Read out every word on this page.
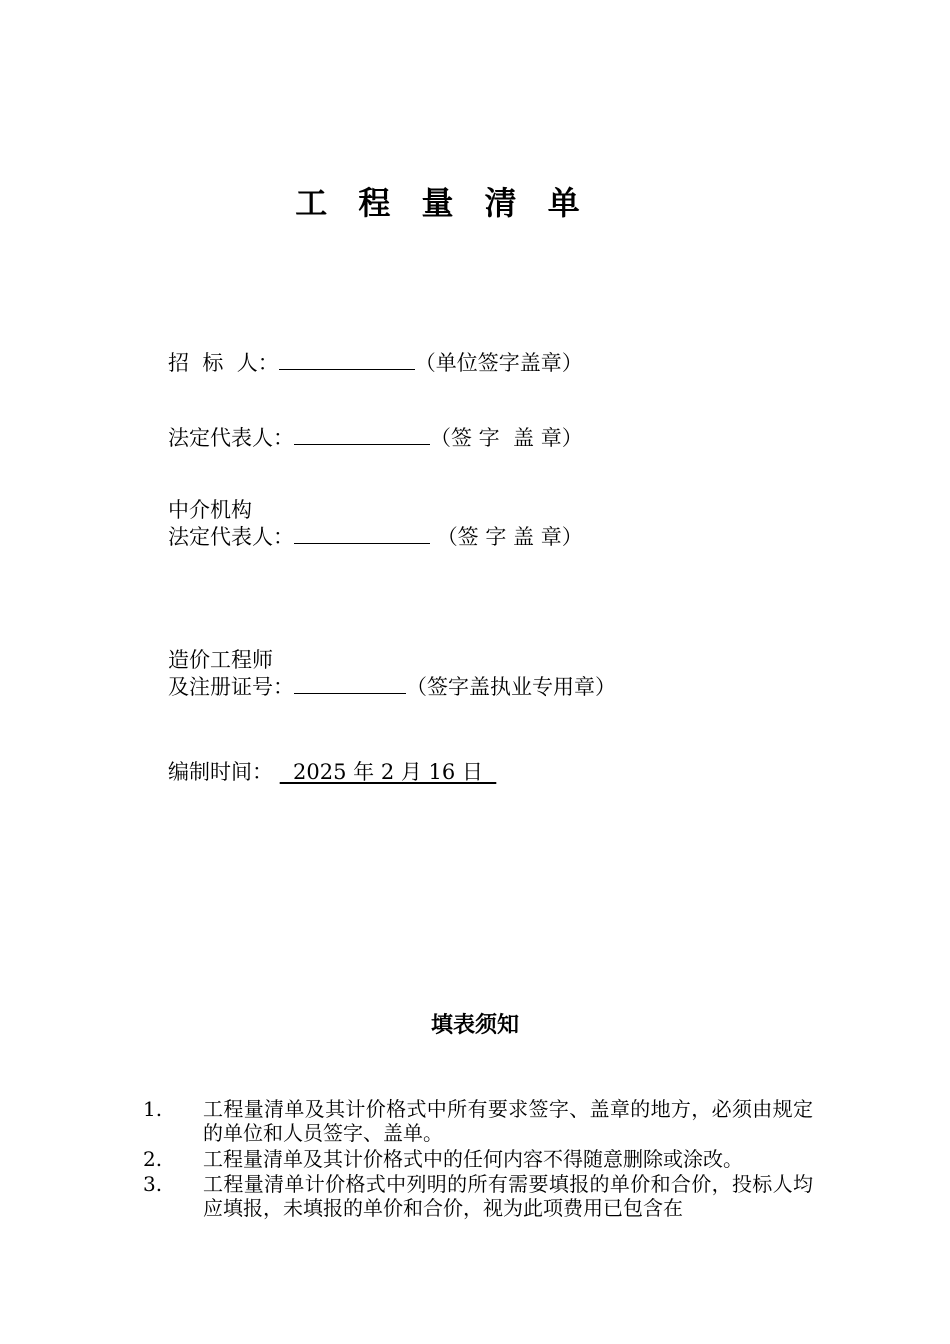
工 程 量 清 单
招  标  人：	（单位签字盖章）
法定代表人：	（签 字  盖 章）
中介机构
法定代表人：	（签 字 盖 章）
造价工程师
及注册证号：	（签字盖执业专用章）
编制时间：   2025 年 2 月 16 日
填表须知
1.	工程量清单及其计价格式中所有要求签字、盖章的地方，必须由规定的单位和人员签字、盖单。
2.	工程量清单及其计价格式中的任何内容不得随意删除或涂改。
3.	工程量清单计价格式中列明的所有需要填报的单价和合价，投标人均应填报，未填报的单价和合价，视为此项费用已包含在
